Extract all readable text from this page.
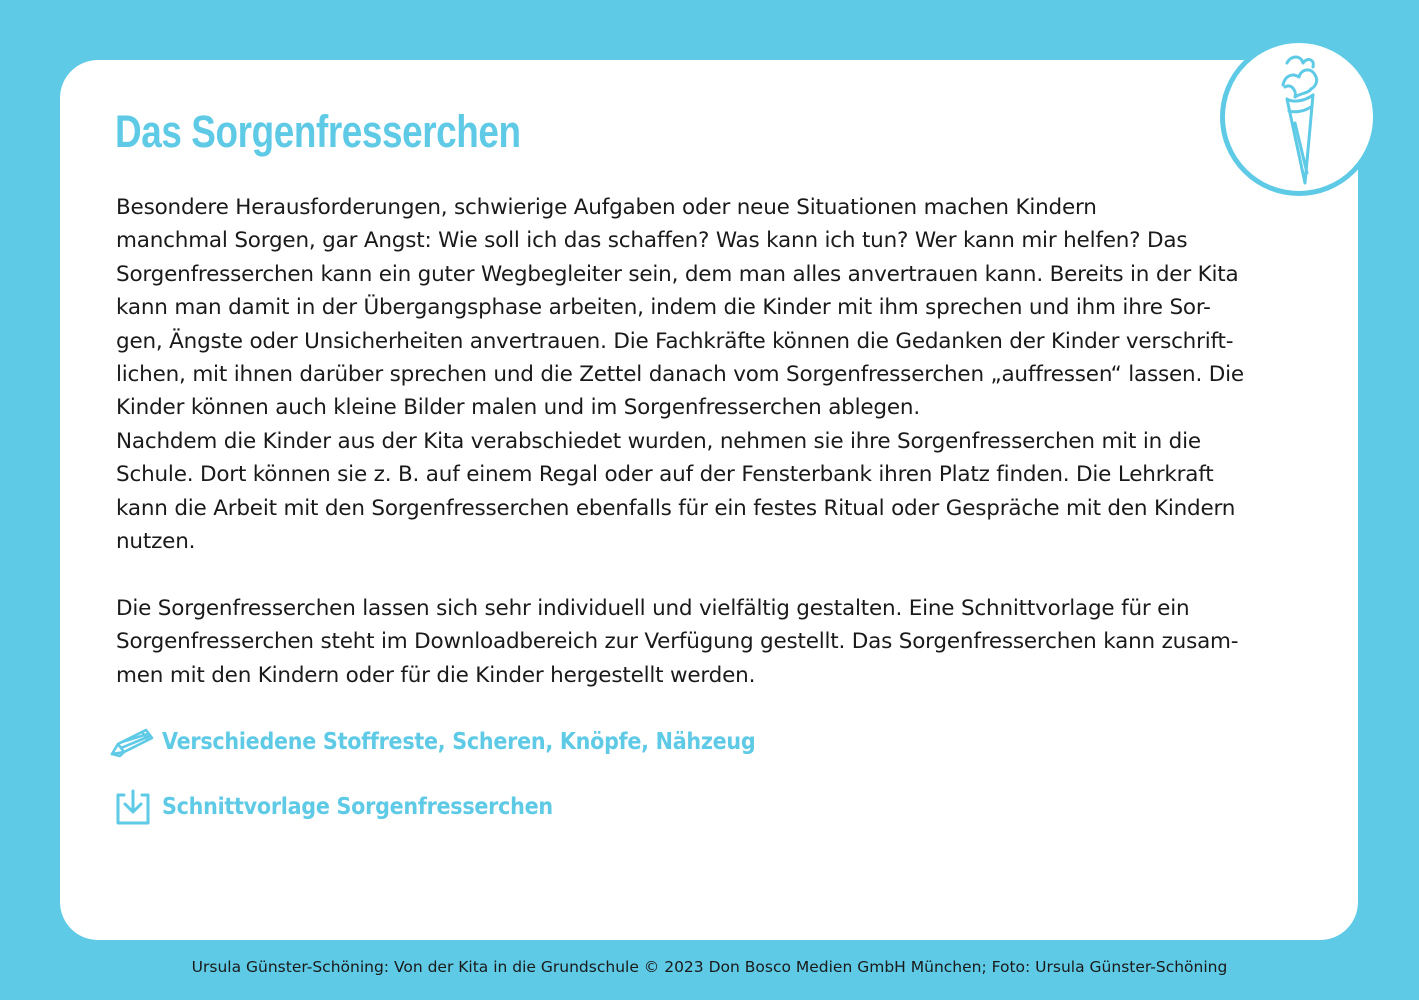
Das Sorgenfresserchen
Besondere Herausforderungen, schwierige Aufgaben oder neue Situationen machen Kindern
manchmal Sorgen, gar Angst: Wie soll ich das schaffen? Was kann ich tun? Wer kann mir helfen? Das
Sorgenfresserchen kann ein guter Wegbegleiter sein, dem man alles anvertrauen kann. Bereits in der Kita
kann man damit in der Übergangsphase arbeiten, indem die Kinder mit ihm sprechen und ihm ihre Sor-
gen, Ängste oder Unsicherheiten anvertrauen. Die Fachkräfte können die Gedanken der Kinder verschrift-
lichen, mit ihnen darüber sprechen und die Zettel danach vom Sorgenfresserchen „auffressen“ lassen. Die
Kinder können auch kleine Bilder malen und im Sorgenfresserchen ablegen.
Nachdem die Kinder aus der Kita verabschiedet wurden, nehmen sie ihre Sorgenfresserchen mit in die
Schule. Dort können sie z. B. auf einem Regal oder auf der Fensterbank ihren Platz finden. Die Lehrkraft
kann die Arbeit mit den Sorgenfresserchen ebenfalls für ein festes Ritual oder Gespräche mit den Kindern
nutzen.
Die Sorgenfresserchen lassen sich sehr individuell und vielfältig gestalten. Eine Schnittvorlage für ein
Sorgenfresserchen steht im Downloadbereich zur Verfügung gestellt. Das Sorgenfresserchen kann zusam-
men mit den Kindern oder für die Kinder hergestellt werden.
Verschiedene Stoffreste, Scheren, Knöpfe, Nähzeug
Schnittvorlage Sorgenfresserchen
Ursula Günster-Schöning: Von der Kita in die Grundschule © 2023 Don Bosco Medien GmbH München; Foto: Ursula Günster-Schöning
